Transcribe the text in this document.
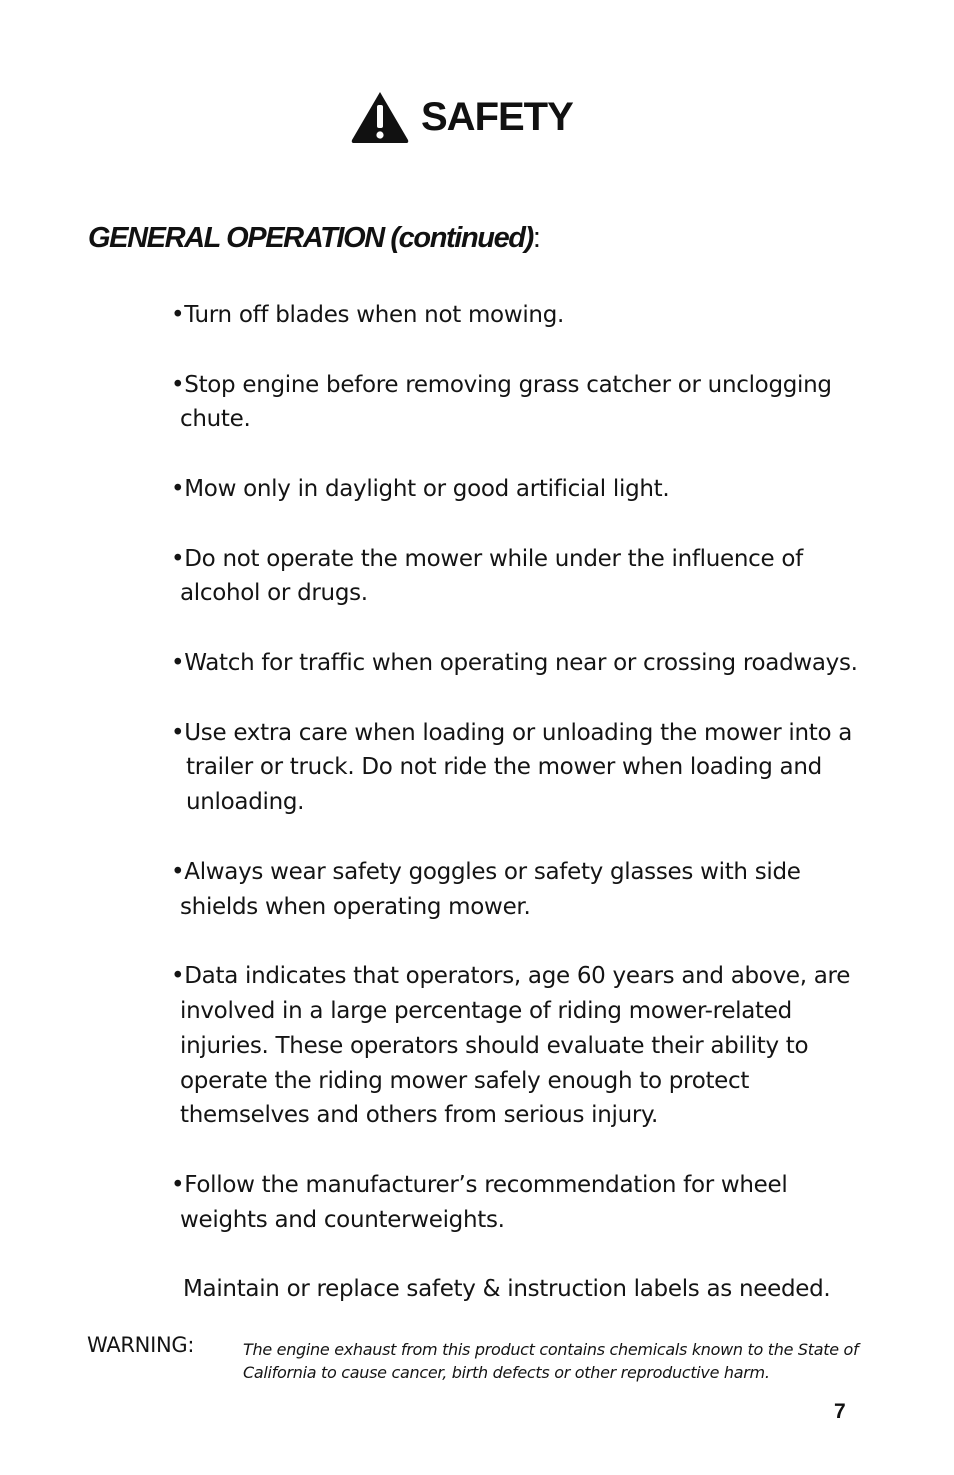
SAFETY
GENERAL OPERATION (continued):
•Turn off blades when not mowing.
•Stop engine before removing grass catcher or unclogging
chute.
•Mow only in daylight or good artificial light.
•Do not operate the mower while under the influence of
alcohol or drugs.
•Watch for traffic when operating near or crossing roadways.
•Use extra care when loading or unloading the mower into a
trailer or truck. Do not ride the mower when loading and
unloading.
•Always wear safety goggles or safety glasses with side
shields when operating mower.
•Data indicates that operators, age 60 years and above, are
involved in a large percentage of riding mower-related
injuries. These operators should evaluate their ability to
operate the riding mower safely enough to protect
themselves and others from serious injury.
•Follow the manufacturer’s recommendation for wheel
weights and counterweights.
Maintain or replace safety & instruction labels as needed.
WARNING:	The engine exhaust from this product contains chemicals known to the State of
California to cause cancer, birth defects or other reproductive harm.
7
